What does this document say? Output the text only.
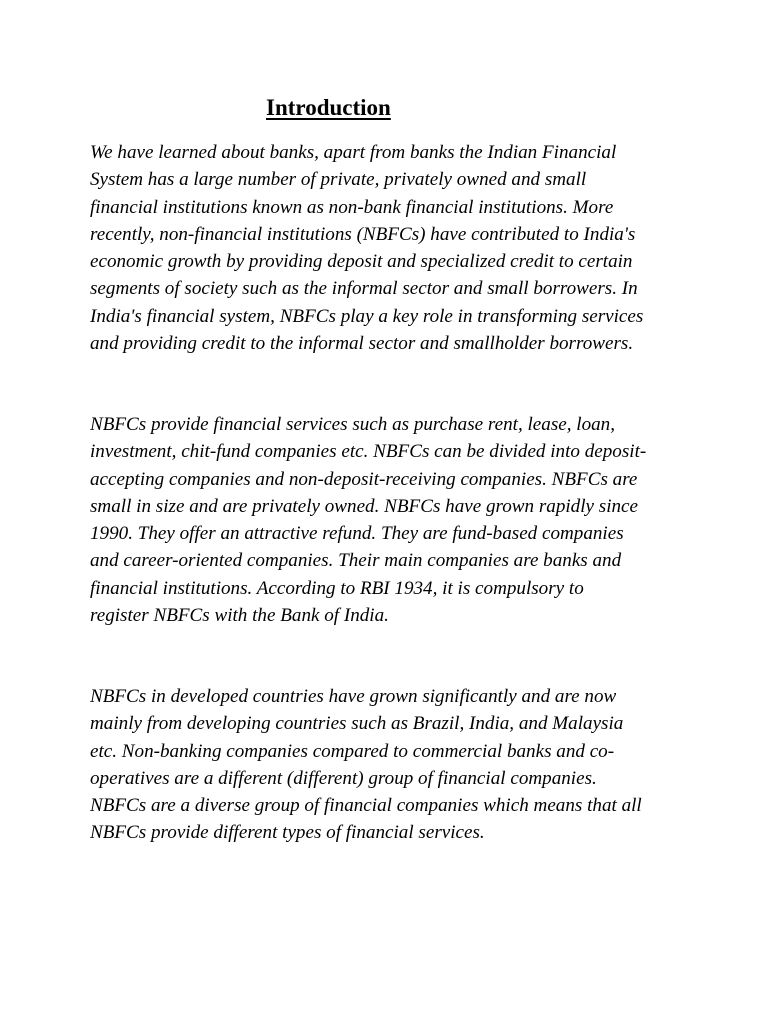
Introduction

We have learned about banks, apart from banks the Indian Financial
System has a large number of private, privately owned and small
financial institutions known as non-bank financial institutions. More
recently, non-financial institutions (NBFCs) have contributed to India's
economic growth by providing deposit and specialized credit to certain
segments of society such as the informal sector and small borrowers. In
India's financial system, NBFCs play a key role in transforming services
and providing credit to the informal sector and smallholder borrowers.

NBFCs provide financial services such as purchase rent, lease, loan,
investment, chit-fund companies etc. NBFCs can be divided into deposit-
accepting companies and non-deposit-receiving companies. NBFCs are
small in size and are privately owned. NBFCs have grown rapidly since
1990. They offer an attractive refund. They are fund-based companies
and career-oriented companies. Their main companies are banks and
financial institutions. According to RBI 1934, it is compulsory to
register NBFCs with the Bank of India.

NBFCs in developed countries have grown significantly and are now
mainly from developing countries such as Brazil, India, and Malaysia
etc. Non-banking companies compared to commercial banks and co-
operatives are a different (different) group of financial companies.
NBFCs are a diverse group of financial companies which means that all
NBFCs provide different types of financial services.
